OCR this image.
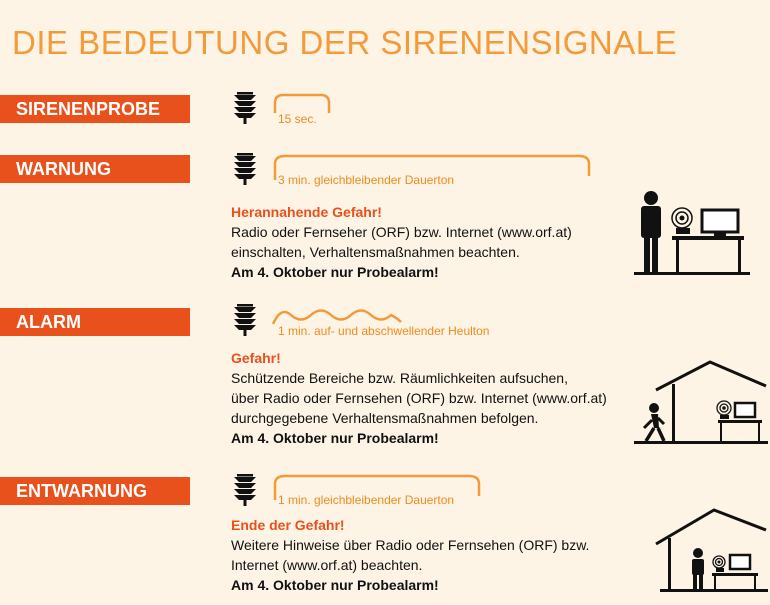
DIE BEDEUTUNG DER SIRENENSIGNALE
SIRENENPROBE	15 sec.
WARNUNG
3 min. gleichbleibender Dauerton
Herannahende Gefahr!
Radio oder Fernseher (ORF) bzw. Internet (www.orf.at)
einschalten, Verhaltensmaßnahmen beachten.
Am 4. Oktober nur Probealarm!
ALARM	1 min. auf- und abschwellender Heulton
Gefahr!
Schützende Bereiche bzw. Räumlichkeiten aufsuchen,
über Radio oder Fernsehen (ORF) bzw. Internet (www.orf.at)
durchgegebene Verhaltensmaßnahmen befolgen.
Am 4. Oktober nur Probealarm!
ENTWARNUNG	1 min. gleichbleibender Dauerton
Ende der Gefahr!
Weitere Hinweise über Radio oder Fernsehen (ORF) bzw.
Internet (www.orf.at) beachten.
Am 4. Oktober nur Probealarm!
